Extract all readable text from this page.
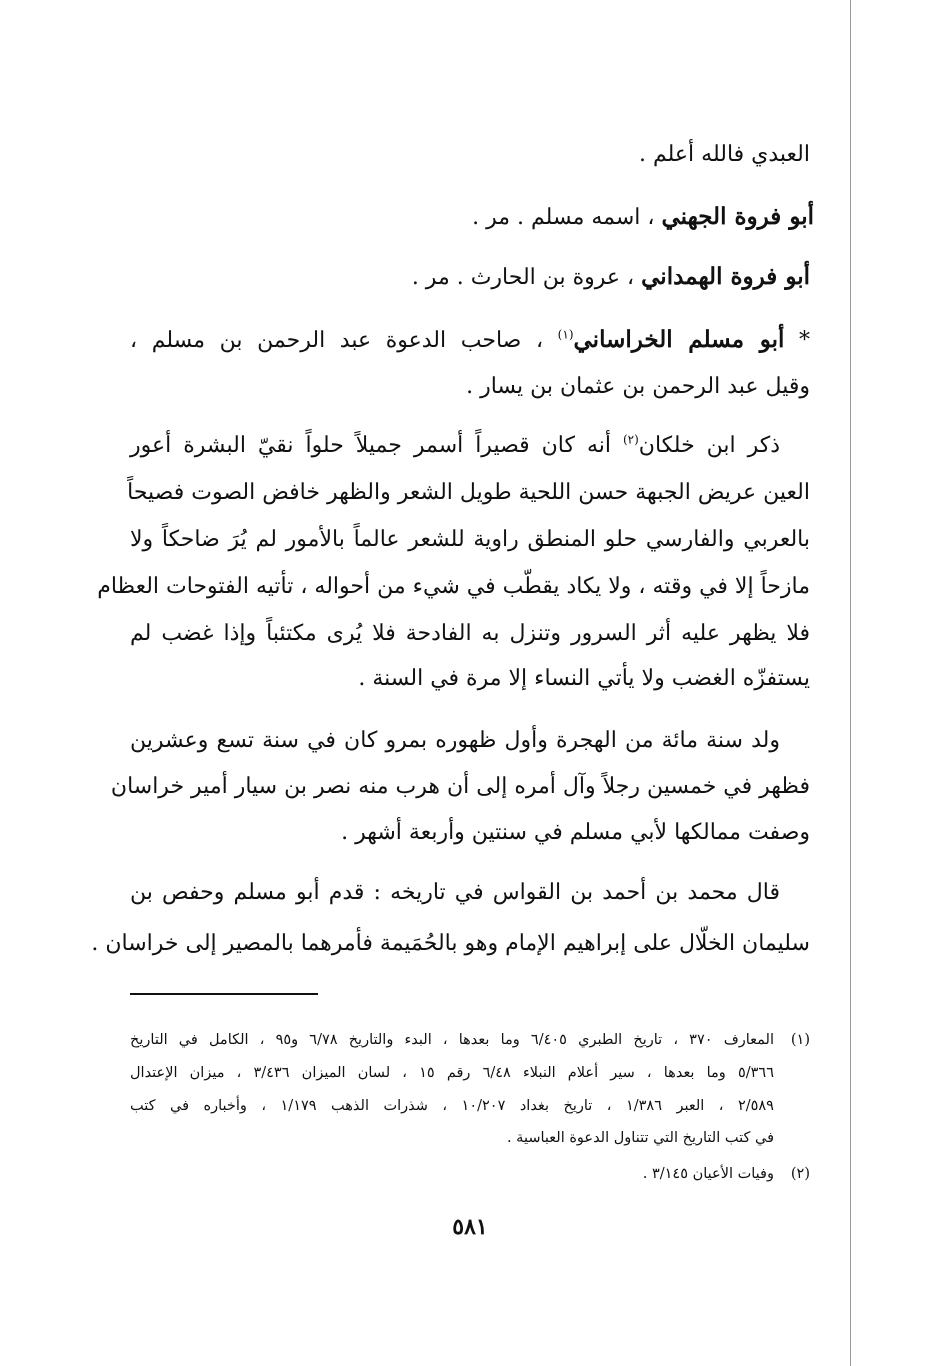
العبدي فالله أعلم .
أبو فروة الجهني ، اسمه مسلم . مر .
أبو فروة الهمداني ، عروة بن الحارث . مر .
* أبو مسلم الخراساني$^{(١)}$ ، صاحب الدعوة عبد الرحمن بن مسلم ،
وقيل عبد الرحمن بن عثمان بن يسار .
ذكر ابن خلكان$^{(٢)}$ أنه كان قصيراً أسمر جميلاً حلواً نقيّ البشرة أعور
العين عريض الجبهة حسن اللحية طويل الشعر والظهر خافض الصوت فصيحاً
بالعربي والفارسي حلو المنطق راوية للشعر عالماً بالأمور لم يُرَ ضاحكاً ولا
مازحاً إلا في وقته ، ولا يكاد يقطّب في شيء من أحواله ، تأتيه الفتوحات العظام
فلا يظهر عليه أثر السرور وتنزل به الفادحة فلا يُرى مكتئباً وإذا غضب لم
يستفزّه الغضب ولا يأتي النساء إلا مرة في السنة .
ولد سنة مائة من الهجرة وأول ظهوره بمرو كان في سنة تسع وعشرين
فظهر في خمسين رجلاً وآل أمره إلى أن هرب منه نصر بن سيار أمير خراسان
وصفت ممالكها لأبي مسلم في سنتين وأربعة أشهر .
قال محمد بن أحمد بن القواس في تاريخه : قدم أبو مسلم وحفص بن
سليمان الخلّال على إبراهيم الإمام وهو بالحُمَيمة فأمرهما بالمصير إلى خراسان .
(١)
المعارف ٣٧٠ ، تاريخ الطبري ٦/٤٠٥ وما بعدها ، البدء والتاريخ ٦/٧٨ و٩٥ ، الكامل في التاريخ
٥/٣٦٦ وما بعدها ، سير أعلام النبلاء ٦/٤٨ رقم ١٥ ، لسان الميزان ٣/٤٣٦ ، ميزان الإعتدال
٢/٥٨٩ ، العبر ١/٣٨٦ ، تاريخ بغداد ١٠/٢٠٧ ، شذرات الذهب ١/١٧٩ ، وأخباره في كتب
في كتب التاريخ التي تتناول الدعوة العباسية .
(٢)
وفيات الأعيان ٣/١٤٥ .
٥٨١
